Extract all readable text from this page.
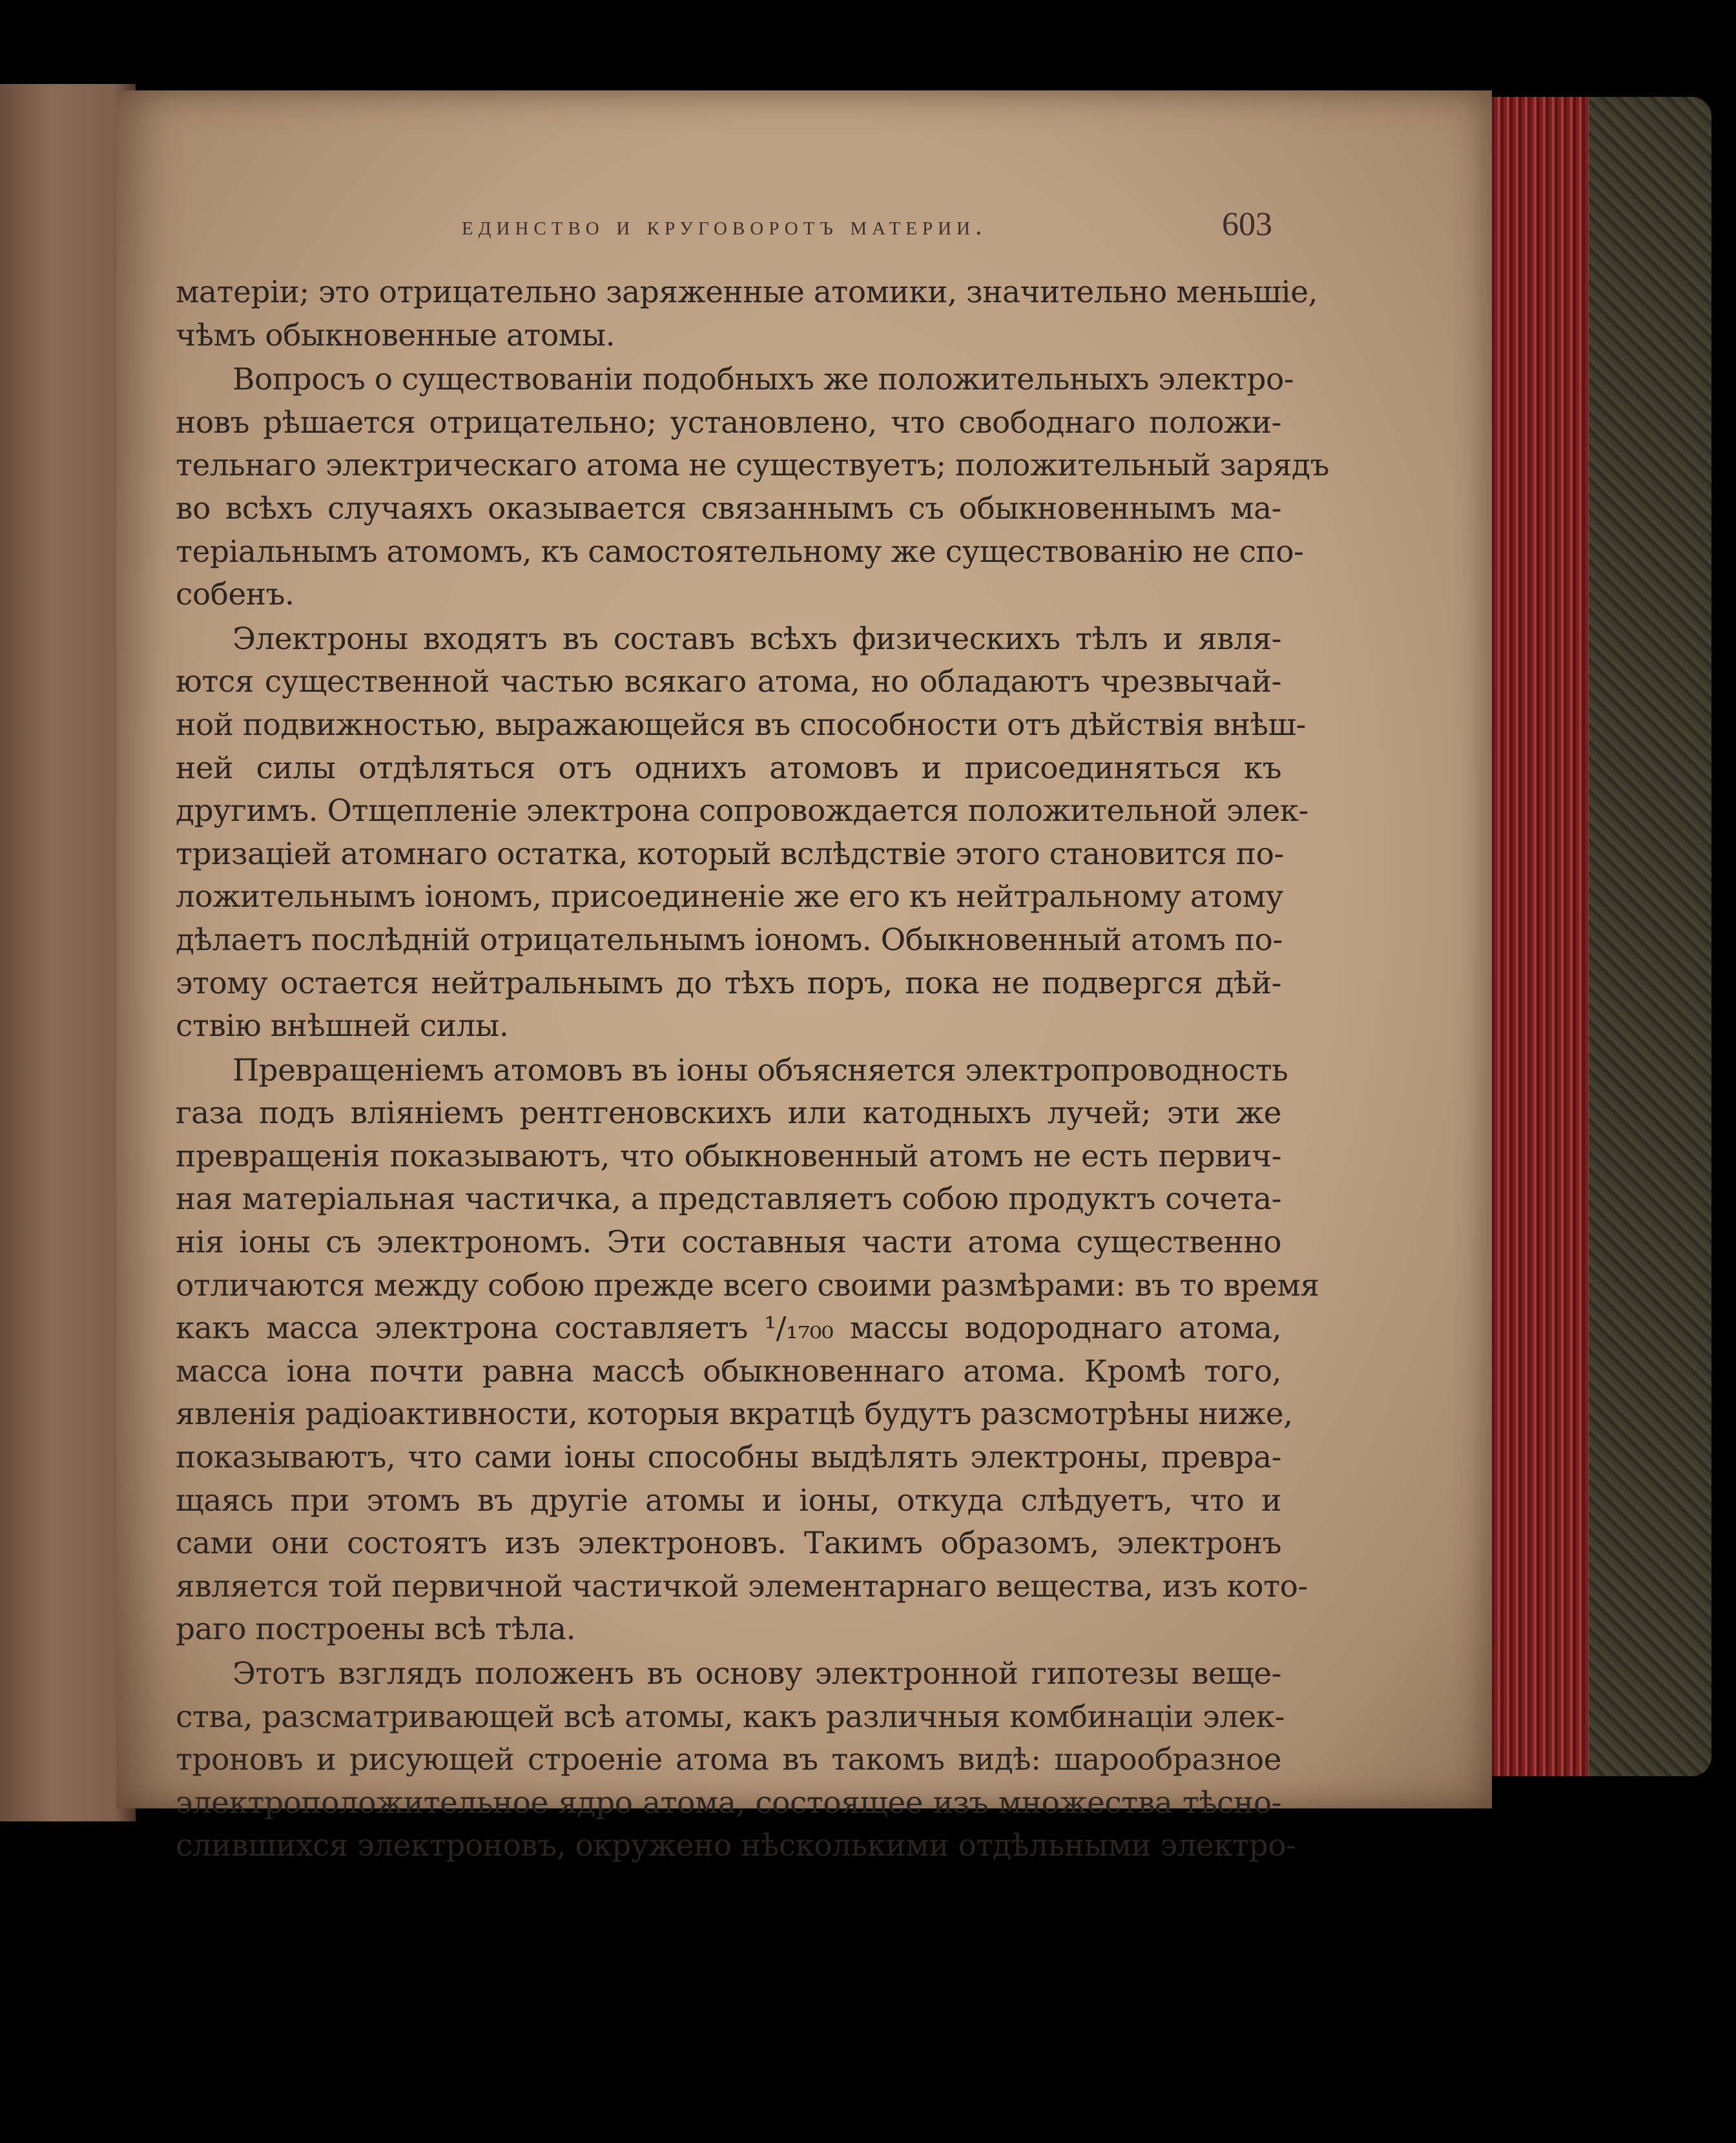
единство и круговоротъ материи.	603

матеріи; это отрицательно заряженные атомики, значительно меньшіе,
чѣмъ обыкновенные атомы.

Вопросъ о существованіи подобныхъ же положительныхъ электро-
новъ рѣшается отрицательно; установлено, что свободнаго положи-
тельнаго электрическаго атома не существуетъ; положительный зарядъ
во всѣхъ случаяхъ оказывается связаннымъ съ обыкновеннымъ ма-
теріальнымъ атомомъ, къ самостоятельному же существованію не спо-
собенъ.

Электроны входятъ въ составъ всѣхъ физическихъ тѣлъ и явля-
ются существенной частью всякаго атома, но обладаютъ чрезвычай-
ной подвижностью, выражающейся въ способности отъ дѣйствія внѣш-
ней силы отдѣляться отъ однихъ атомовъ и присоединяться къ
другимъ. Отщепленіе электрона сопровождается положительной элек-
тризаціей атомнаго остатка, который вслѣдствіе этого становится по-
ложительнымъ іономъ, присоединеніе же его къ нейтральному атому
дѣлаетъ послѣдній отрицательнымъ іономъ. Обыкновенный атомъ по-
этому остается нейтральнымъ до тѣхъ поръ, пока не подвергся дѣй-
ствію внѣшней силы.

Превращеніемъ атомовъ въ іоны объясняется электропроводность
газа подъ вліяніемъ рентгеновскихъ или катодныхъ лучей; эти же
превращенія показываютъ, что обыкновенный атомъ не есть первич-
ная матеріальная частичка, а представляетъ собою продуктъ сочета-
нія іоны съ электрономъ. Эти составныя части атома существенно
отличаются между собою прежде всего своими размѣрами: въ то время
какъ масса электрона составляетъ ¹/₁₇₀₀ массы водороднаго атома,
масса іона почти равна массѣ обыкновеннаго атома. Кромѣ того,
явленія радіоактивности, которыя вкратцѣ будутъ разсмотрѣны ниже,
показываютъ, что сами іоны способны выдѣлять электроны, превра-
щаясь при этомъ въ другіе атомы и іоны, откуда слѣдуетъ, что и
сами они состоятъ изъ электроновъ. Такимъ образомъ, электронъ
является той первичной частичкой элементарнаго вещества, изъ кото-
раго построены всѣ тѣла.

Этотъ взглядъ положенъ въ основу электронной гипотезы веще-
ства, разсматривающей всѣ атомы, какъ различныя комбинаціи элек-
троновъ и рисующей строеніе атома въ такомъ видѣ: шарообразное
электроположительное ядро атома, состоящее изъ множества тѣсно-
слившихся электроновъ, окружено нѣсколькими отдѣльными электро-
